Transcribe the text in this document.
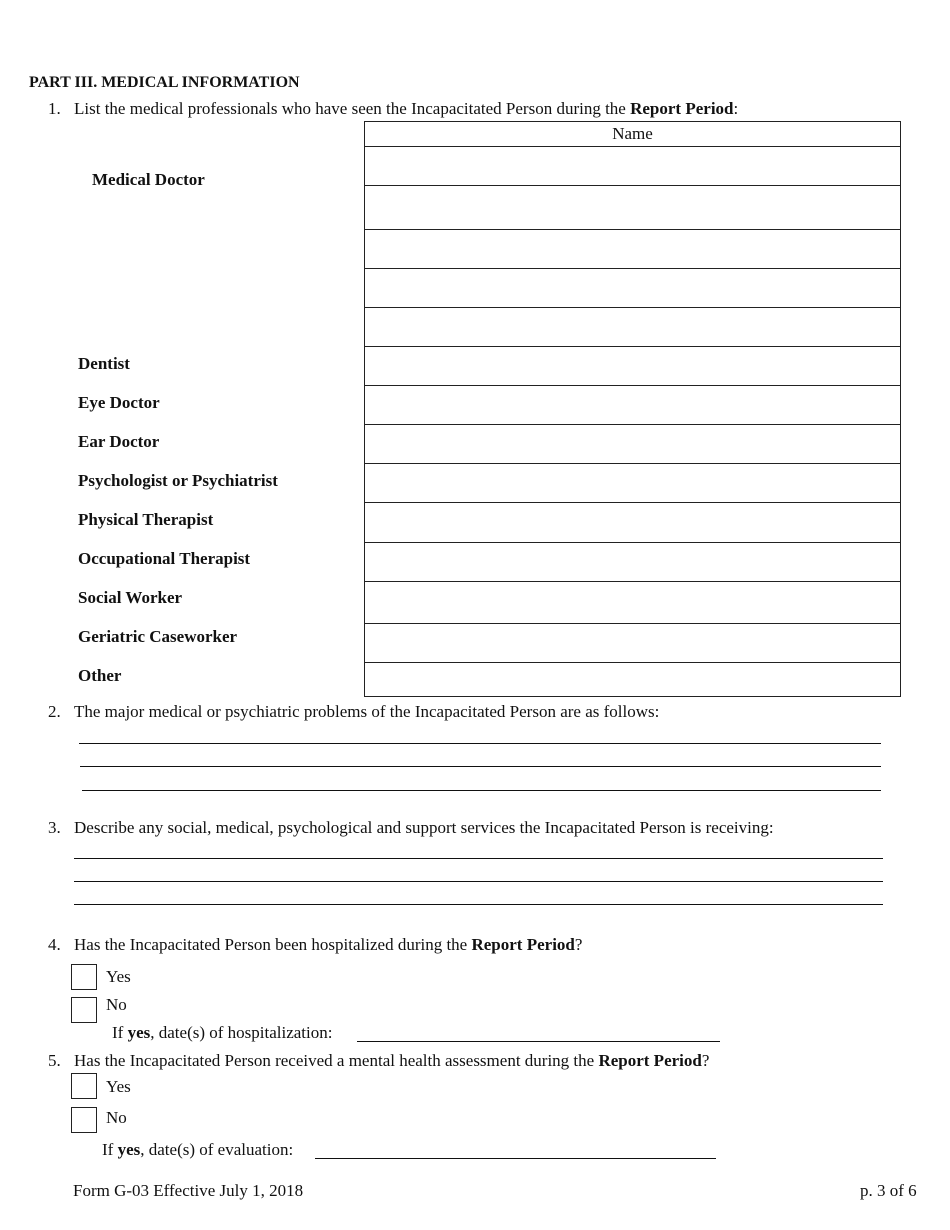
PART III. MEDICAL INFORMATION
1. List the medical professionals who have seen the Incapacitated Person during the Report Period:
Medical Doctor
Dentist
Eye Doctor
Ear Doctor
Psychologist or Psychiatrist
Physical Therapist
Occupational Therapist
Social Worker
Geriatric Caseworker
Other
Name
2. The major medical or psychiatric problems of the Incapacitated Person are as follows:
3. Describe any social, medical, psychological and support services the Incapacitated Person is receiving:
4. Has the Incapacitated Person been hospitalized during the Report Period?
Yes
No
If yes, date(s) of hospitalization:
5. Has the Incapacitated Person received a mental health assessment during the Report Period?
Yes
No
If yes, date(s) of evaluation:
Form G-03 Effective July 1, 2018	p. 3 of 6
